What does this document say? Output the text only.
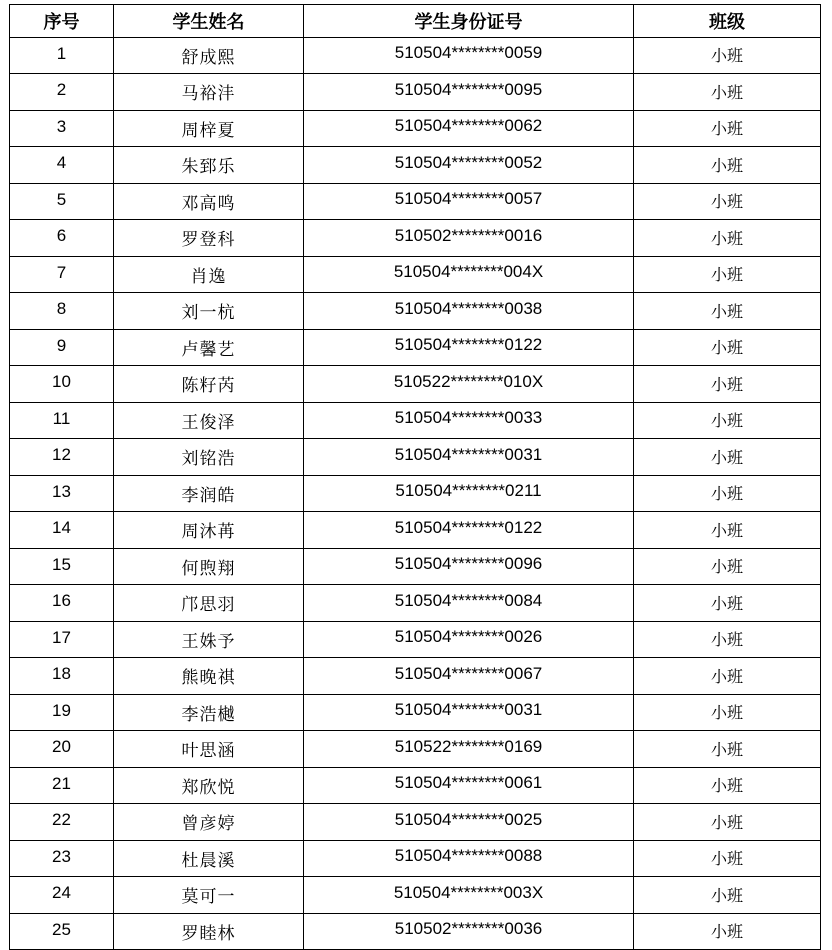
序号	学生姓名	学生身份证号	班级
1	舒成熙	510504********0059	小班
2	马裕沣	510504********0095	小班
3	周梓夏	510504********0062	小班
4	朱郅乐	510504********0052	小班
5	邓高鸣	510504********0057	小班
6	罗登科	510502********0016	小班
7	肖逸	510504********004X	小班
8	刘一杭	510504********0038	小班
9	卢馨艺	510504********0122	小班
10	陈籽芮	510522********010X	小班
11	王俊泽	510504********0033	小班
12	刘铭浩	510504********0031	小班
13	李润皓	510504********0211	小班
14	周沐苒	510504********0122	小班
15	何煦翔	510504********0096	小班
16	邝思羽	510504********0084	小班
17	王姝予	510504********0026	小班
18	熊晚祺	510504********0067	小班
19	李浩樾	510504********0031	小班
20	叶思涵	510522********0169	小班
21	郑欣悦	510504********0061	小班
22	曾彦婷	510504********0025	小班
23	杜晨溪	510504********0088	小班
24	莫可一	510504********003X	小班
25	罗睦林	510502********0036	小班
